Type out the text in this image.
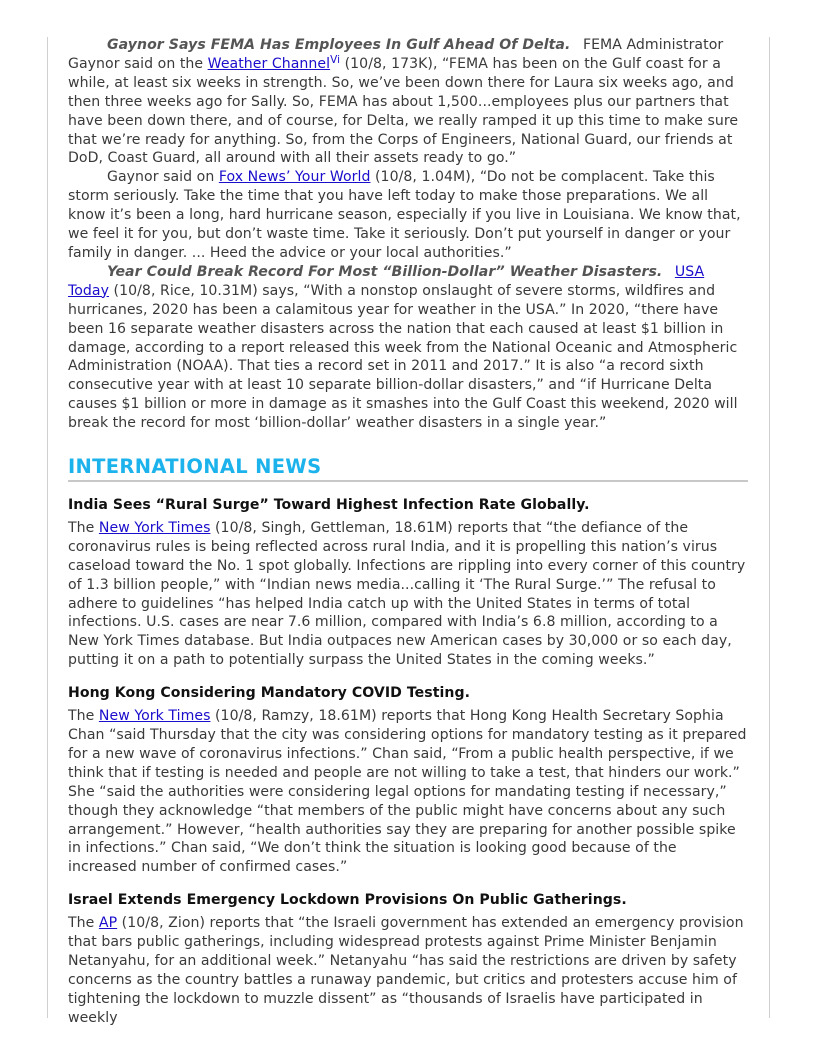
Gaynor Says FEMA Has Employees In Gulf Ahead Of Delta. FEMA Administrator Gaynor said on the Weather Channel$^{Vi}$ (10/8, 173K), “FEMA has been on the Gulf coast for a while, at least six weeks in strength. So, we’ve been down there for Laura six weeks ago, and then three weeks ago for Sally. So, FEMA has about 1,500...employees plus our partners that have been down there, and of course, for Delta, we really ramped it up this time to make sure that we’re ready for anything. So, from the Corps of Engineers, National Guard, our friends at DoD, Coast Guard, all around with all their assets ready to go.”

Gaynor said on Fox News’ Your World (10/8, 1.04M), “Do not be complacent. Take this storm seriously. Take the time that you have left today to make those preparations. We all know it’s been a long, hard hurricane season, especially if you live in Louisiana. We know that, we feel it for you, but don’t waste time. Take it seriously. Don’t put yourself in danger or your family in danger. ... Heed the advice or your local authorities.”

Year Could Break Record For Most “Billion-Dollar” Weather Disasters. USA Today (10/8, Rice, 10.31M) says, “With a nonstop onslaught of severe storms, wildfires and hurricanes, 2020 has been a calamitous year for weather in the USA.” In 2020, “there have been 16 separate weather disasters across the nation that each caused at least $1 billion in damage, according to a report released this week from the National Oceanic and Atmospheric Administration (NOAA). That ties a record set in 2011 and 2017.” It is also “a record sixth consecutive year with at least 10 separate billion-dollar disasters,” and “if Hurricane Delta causes $1 billion or more in damage as it smashes into the Gulf Coast this weekend, 2020 will break the record for most ‘billion-dollar’ weather disasters in a single year.”

INTERNATIONAL NEWS
India Sees “Rural Surge” Toward Highest Infection Rate Globally.

The New York Times (10/8, Singh, Gettleman, 18.61M) reports that “the defiance of the coronavirus rules is being reflected across rural India, and it is propelling this nation’s virus caseload toward the No. 1 spot globally. Infections are rippling into every corner of this country of 1.3 billion people,” with “Indian news media...calling it ‘The Rural Surge.’” The refusal to adhere to guidelines “has helped India catch up with the United States in terms of total infections. U.S. cases are near 7.6 million, compared with India’s 6.8 million, according to a New York Times database. But India outpaces new American cases by 30,000 or so each day, putting it on a path to potentially surpass the United States in the coming weeks.”

Hong Kong Considering Mandatory COVID Testing.

The New York Times (10/8, Ramzy, 18.61M) reports that Hong Kong Health Secretary Sophia Chan “said Thursday that the city was considering options for mandatory testing as it prepared for a new wave of coronavirus infections.” Chan said, “From a public health perspective, if we think that if testing is needed and people are not willing to take a test, that hinders our work.” She “said the authorities were considering legal options for mandating testing if necessary,” though they acknowledge “that members of the public might have concerns about any such arrangement.” However, “health authorities say they are preparing for another possible spike in infections.” Chan said, “We don’t think the situation is looking good because of the increased number of confirmed cases.”

Israel Extends Emergency Lockdown Provisions On Public Gatherings.

The AP (10/8, Zion) reports that “the Israeli government has extended an emergency provision that bars public gatherings, including widespread protests against Prime Minister Benjamin Netanyahu, for an additional week.” Netanyahu “has said the restrictions are driven by safety concerns as the country battles a runaway pandemic, but critics and protesters accuse him of tightening the lockdown to muzzle dissent” as “thousands of Israelis have participated in weekly
